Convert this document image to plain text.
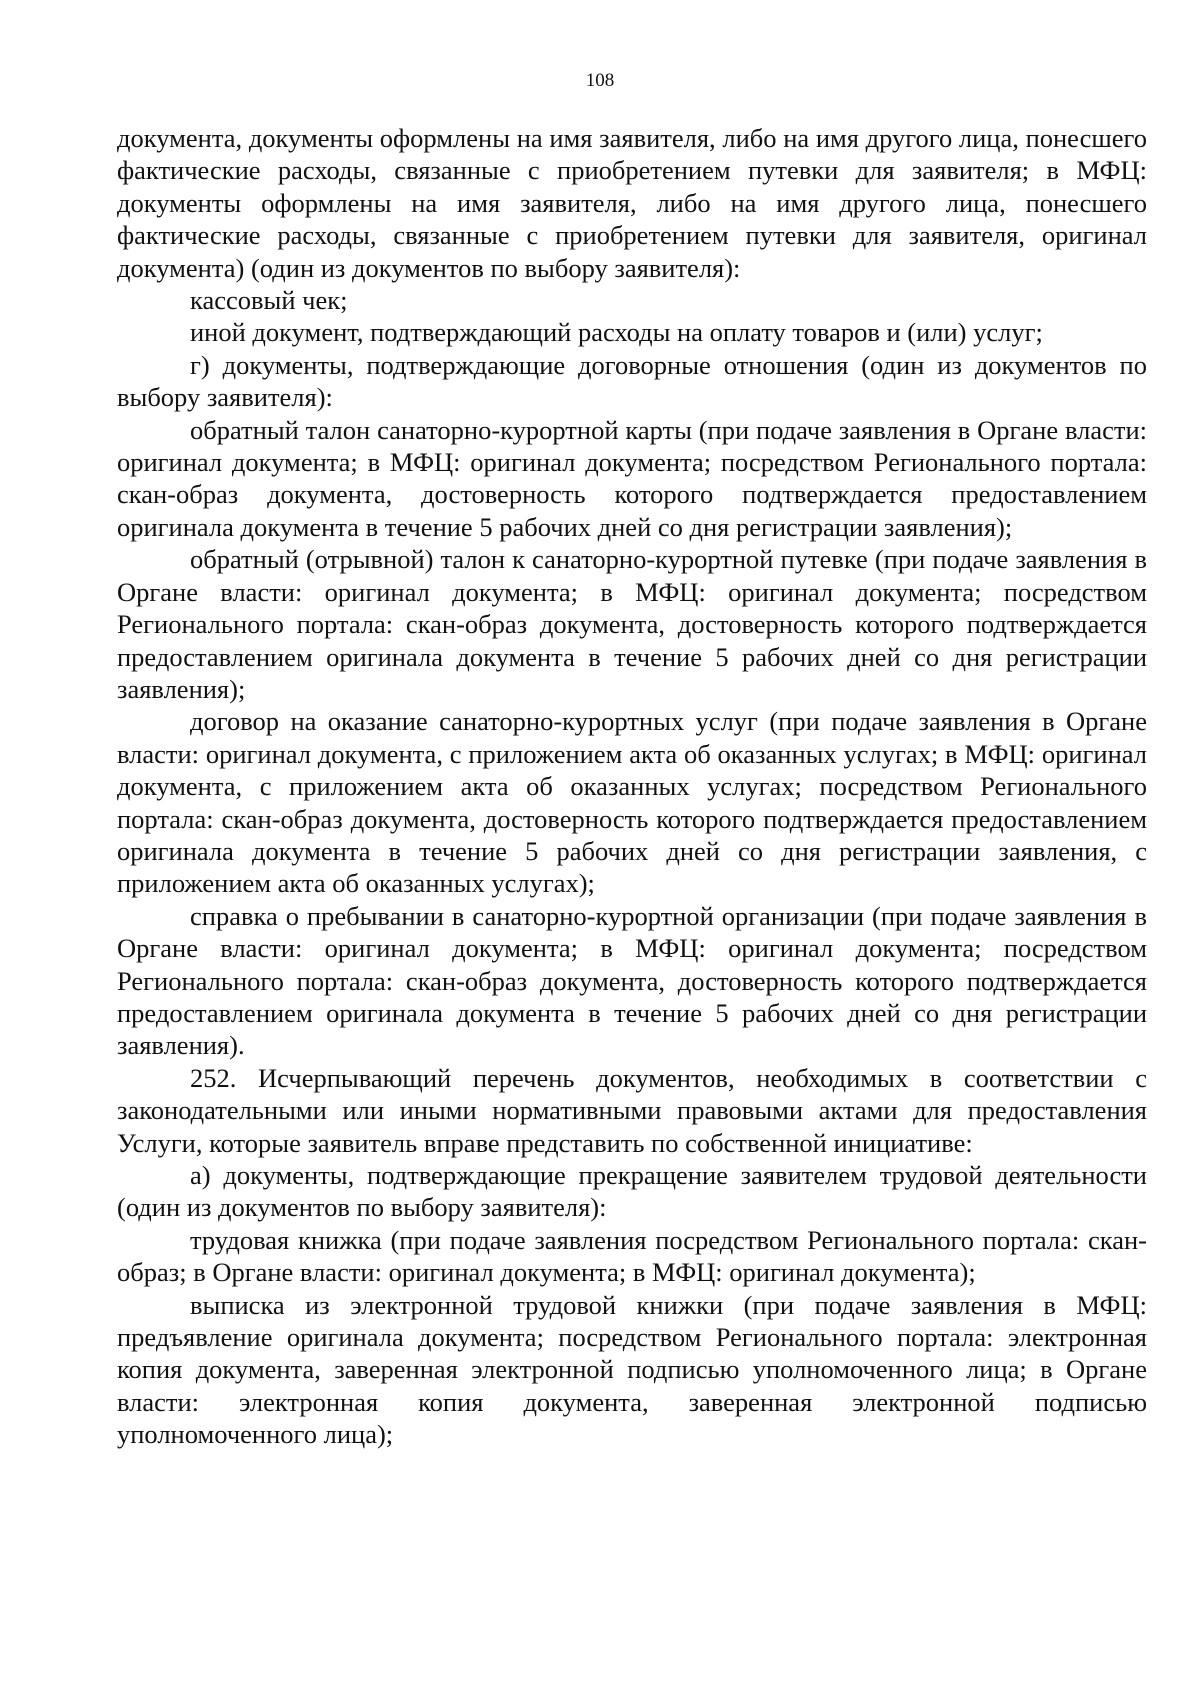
108

документа, документы оформлены на имя заявителя, либо на имя другого лица, понесшего фактические расходы, связанные с приобретением путевки для заявителя; в МФЦ: документы оформлены на имя заявителя, либо на имя другого лица, понесшего фактические расходы, связанные с приобретением путевки для заявителя, оригинал документа) (один из документов по выбору заявителя):

кассовый чек;

иной документ, подтверждающий расходы на оплату товаров и (или) услуг;

г) документы, подтверждающие договорные отношения (один из документов по выбору заявителя):

обратный талон санаторно-курортной карты (при подаче заявления в Органе власти: оригинал документа; в МФЦ: оригинал документа; посредством Регионального портала: скан-образ документа, достоверность которого подтверждается предоставлением оригинала документа в течение 5 рабочих дней со дня регистрации заявления);

обратный (отрывной) талон к санаторно-курортной путевке (при подаче заявления в Органе власти: оригинал документа; в МФЦ: оригинал документа; посредством Регионального портала: скан-образ документа, достоверность которого подтверждается предоставлением оригинала документа в течение 5 рабочих дней со дня регистрации заявления);

договор на оказание санаторно-курортных услуг (при подаче заявления в Органе власти: оригинал документа, с приложением акта об оказанных услугах; в МФЦ: оригинал документа, с приложением акта об оказанных услугах; посредством Регионального портала: скан-образ документа, достоверность которого подтверждается предоставлением оригинала документа в течение 5 рабочих дней со дня регистрации заявления, с приложением акта об оказанных услугах);

справка о пребывании в санаторно-курортной организации (при подаче заявления в Органе власти: оригинал документа; в МФЦ: оригинал документа; посредством Регионального портала: скан-образ документа, достоверность которого подтверждается предоставлением оригинала документа в течение 5 рабочих дней со дня регистрации заявления).

252. Исчерпывающий перечень документов, необходимых в соответствии с законодательными или иными нормативными правовыми актами для предоставления Услуги, которые заявитель вправе представить по собственной инициативе:

а) документы, подтверждающие прекращение заявителем трудовой деятельности (один из документов по выбору заявителя):

трудовая книжка (при подаче заявления посредством Регионального портала: скан-образ; в Органе власти: оригинал документа; в МФЦ: оригинал документа);

выписка из электронной трудовой книжки (при подаче заявления в МФЦ: предъявление оригинала документа; посредством Регионального портала: электронная копия документа, заверенная электронной подписью уполномоченного лица; в Органе власти: электронная копия документа, заверенная электронной подписью уполномоченного лица);
